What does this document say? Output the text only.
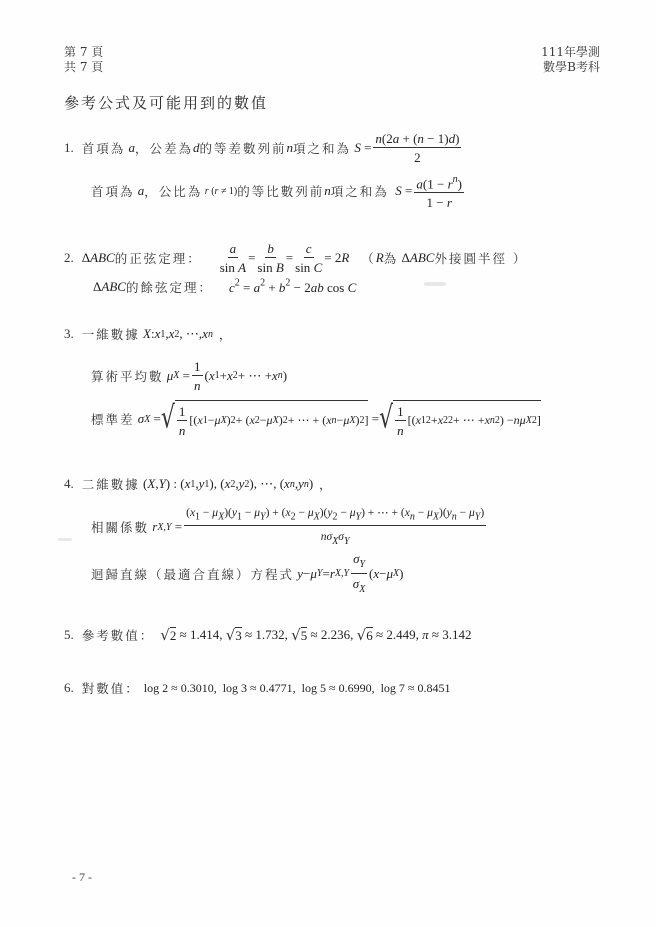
第 7 頁
共 7 頁
111年學測
數學B考科
參考公式及可能用到的數值
1. 首項為 a ，公差為 d 的等差數列前 n 項之和為 $S = \frac{n(2a + (n - 1)d)}{2}$
首項為 a ，公比為 r ( r ≠ 1) 的等比數列前 n 項之和為 $S = \frac{a(1 - r^n)}{1 - r}$
2. Δ ABC 的正弦定理： $\frac{a}{\text{sin A}} = \frac{b}{\text{sin B}} = \frac{c}{\text{sin C}} = 2$ R （ R 為 Δ ABC 外接圓半徑 ）
Δ ABC 的餘弦定理： $c^2 = a^2 + b^2 - 2ab$ cos C
3. 一維數據 X : x 1 , x 2 , ⋯, x n ，
算術平均數 μ $X = \frac{1}{n}$ ( x 1 + x 2 + ⋯ + x n )
標準差 σ X = √ $\frac{1}{n}$ [( x 1 − μ X ) 2 + ( x 2 − μ X ) 2 + ⋯ + ( x n − μ X ) 2 ] = √ $\frac{1}{n}$ [( x 1 2 + x 2 2 + ⋯ + x n 2 ) − nμ X 2 ]
4. 二維數據 ( X , Y ) : ( x 1 , y 1 ), ( x 2 , y 2 ), ⋯, ( x n , y n ) ，
相關係數 r X,Y =
$(x_1 - \mu_X)(y_1 - \mu_Y) + (x_2 - \mu_X)(y_2 - \mu_Y)$ + ⋯ + $(x_n - \mu_X)(y_n - \mu_Y)$
$n\sigma_X\sigma_Y$
迴歸直線（最適合直線）方程式 y − μ Y = r $X,Y \frac{\sigma_Y}{\sigma_X}$ ( x − μ X )
5. 參考數值： √ 2 ≈ 1.414 , √ 3 ≈ 1.732 , √ 5 ≈ 2.236 , √ 6 ≈ 2.449 , π ≈ 3.142
6. 對數值： log 2 ≈ 0.3010 , log 3 ≈ 0.4771 , log 5 ≈ 0.6990 , log 7 ≈ 0.8451
- 7 -
